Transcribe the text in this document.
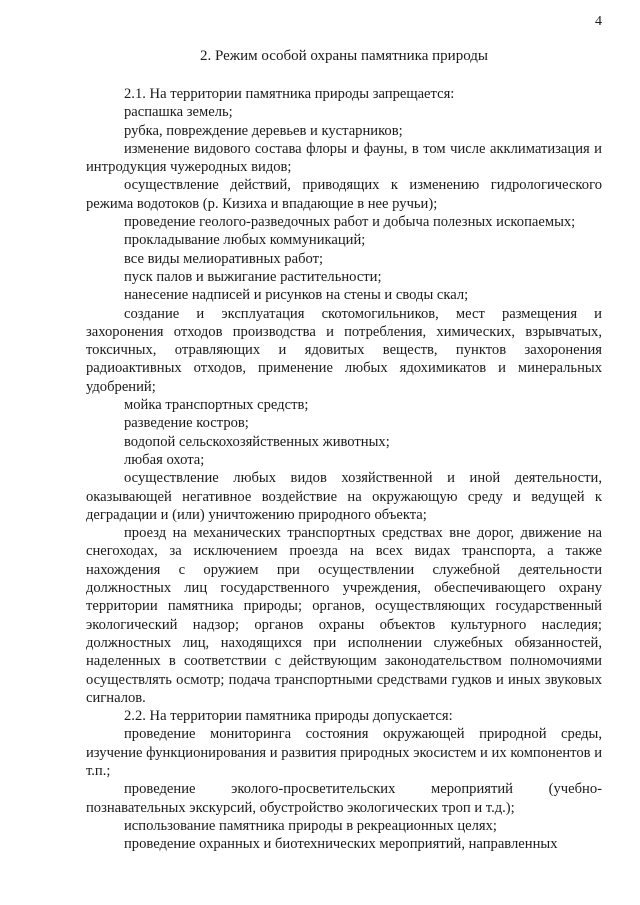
4
2. Режим особой охраны памятника природы

2.1. На территории памятника природы запрещается:

распашка земель;

рубка, повреждение деревьев и кустарников;

изменение видового состава флоры и фауны, в том числе акклиматизация и интродукция чужеродных видов;

осуществление действий, приводящих к изменению гидрологического режима водотоков (р. Кизиха и впадающие в нее ручьи);

проведение геолого-разведочных работ и добыча полезных ископаемых;

прокладывание любых коммуникаций;

все виды мелиоративных работ;

пуск палов и выжигание растительности;

нанесение надписей и рисунков на стены и своды скал;

создание и эксплуатация скотомогильников, мест размещения и захоронения отходов производства и потребления, химических, взрывчатых, токсичных, отравляющих и ядовитых веществ, пунктов захоронения радиоактивных отходов, применение любых ядохимикатов и минеральных удобрений;

мойка транспортных средств;

разведение костров;

водопой сельскохозяйственных животных;

любая охота;

осуществление любых видов хозяйственной и иной деятельности, оказывающей негативное воздействие на окружающую среду и ведущей к деградации и (или) уничтожению природного объекта;

проезд на механических транспортных средствах вне дорог, движение на снегоходах, за исключением проезда на всех видах транспорта, а также нахождения с оружием при осуществлении служебной деятельности должностных лиц государственного учреждения, обеспечивающего охрану территории памятника природы; органов, осуществляющих государственный экологический надзор; органов охраны объектов культурного наследия; должностных лиц, находящихся при исполнении служебных обязанностей, наделенных в соответствии с действующим законодательством полномочиями осуществлять осмотр; подача транспортными средствами гудков и иных звуковых сигналов.

2.2. На территории памятника природы допускается:

проведение мониторинга состояния окружающей природной среды, изучение функционирования и развития природных экосистем и их компонентов и т.п.;

проведение эколого-просветительских мероприятий (учебно-познавательных экскурсий, обустройство экологических троп и т.д.);

использование памятника природы в рекреационных целях;

проведение охранных и биотехнических мероприятий, направленных
